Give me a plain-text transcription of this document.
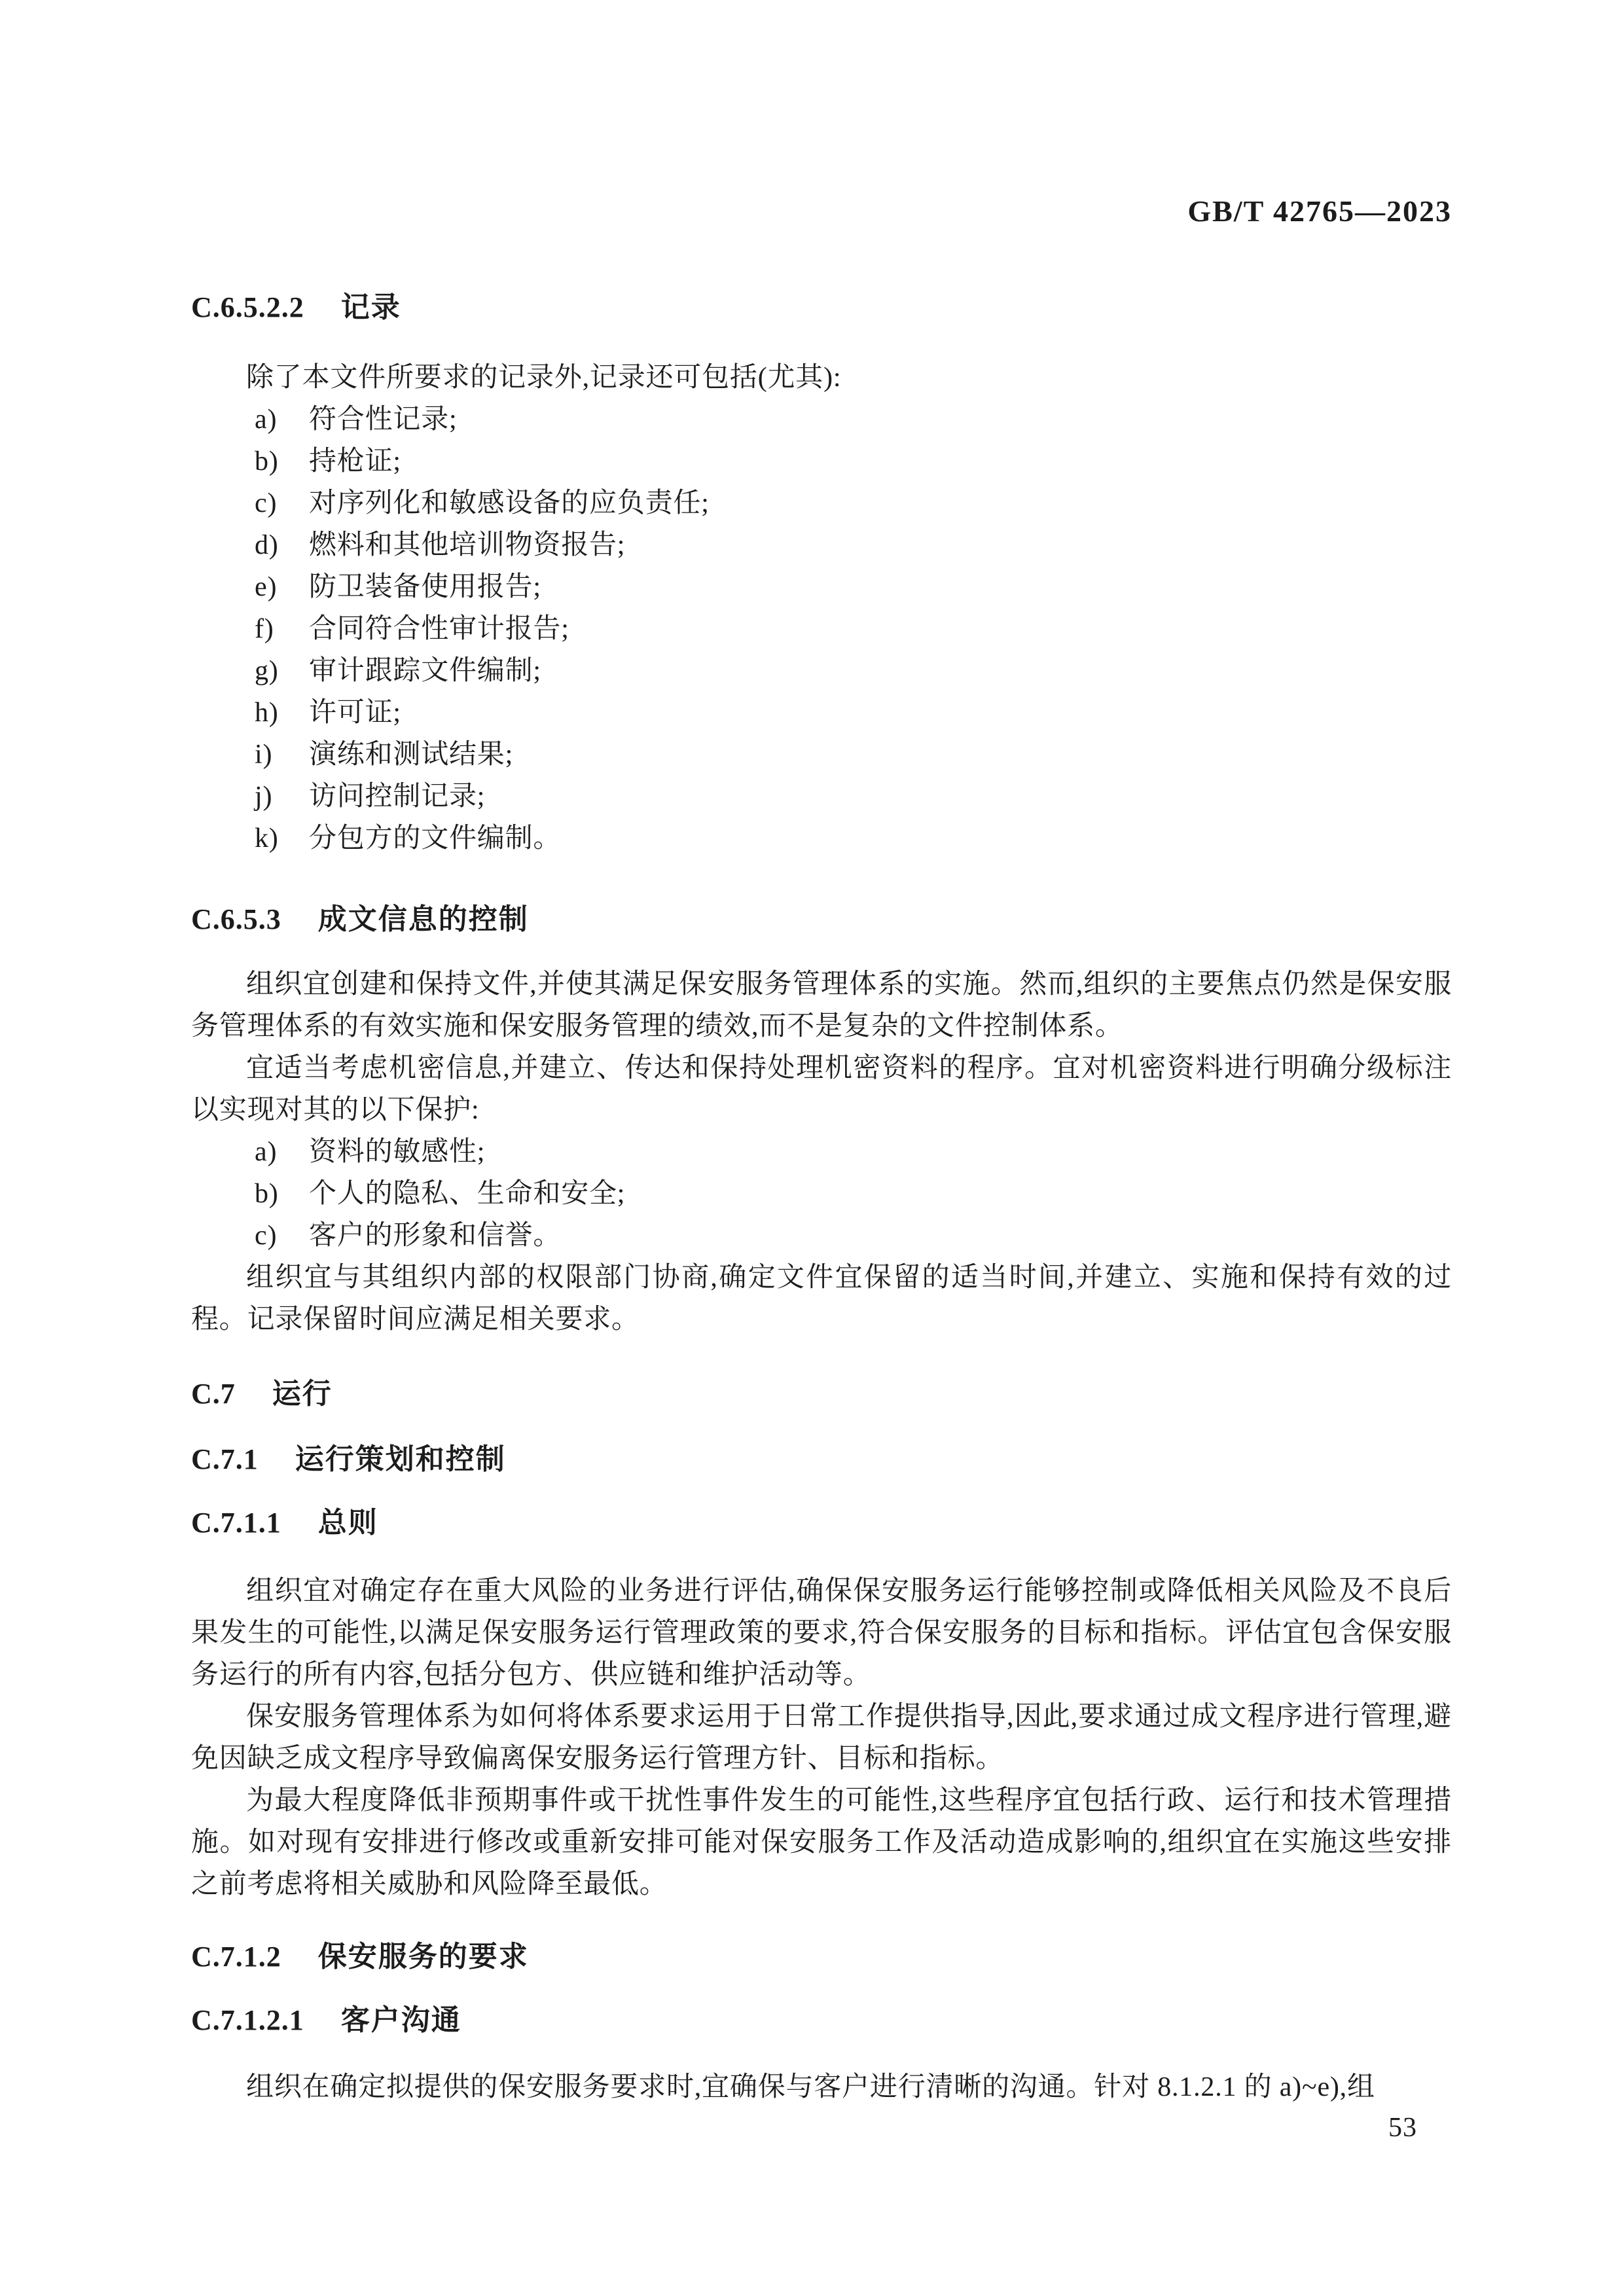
GB/T 42765—2023
C.6.5.2.2 记录

除了本文件所要求的记录外,记录还可包括(尤其):

a) 符合性记录;
b) 持枪证;
c) 对序列化和敏感设备的应负责任;
d) 燃料和其他培训物资报告;
e) 防卫装备使用报告;
f) 合同符合性审计报告;
g) 审计跟踪文件编制;
h) 许可证;
i) 演练和测试结果;
j) 访问控制记录;
k) 分包方的文件编制。
C.6.5.3 成文信息的控制

组织宜创建和保持文件,并使其满足保安服务管理体系的实施。然而,组织的主要焦点仍然是保安服务管理体系的有效实施和保安服务管理的绩效,而不是复杂的文件控制体系。

宜适当考虑机密信息,并建立、传达和保持处理机密资料的程序。宜对机密资料进行明确分级标注以实现对其的以下保护:

a) 资料的敏感性;
b) 个人的隐私、生命和安全;
c) 客户的形象和信誉。

组织宜与其组织内部的权限部门协商,确定文件宜保留的适当时间,并建立、实施和保持有效的过程。记录保留时间应满足相关要求。

C.7 运行
C.7.1 运行策划和控制
C.7.1.1 总则

组织宜对确定存在重大风险的业务进行评估,确保保安服务运行能够控制或降低相关风险及不良后果发生的可能性,以满足保安服务运行管理政策的要求,符合保安服务的目标和指标。评估宜包含保安服务运行的所有内容,包括分包方、供应链和维护活动等。

保安服务管理体系为如何将体系要求运用于日常工作提供指导,因此,要求通过成文程序进行管理,避免因缺乏成文程序导致偏离保安服务运行管理方针、目标和指标。

为最大程度降低非预期事件或干扰性事件发生的可能性,这些程序宜包括行政、运行和技术管理措施。如对现有安排进行修改或重新安排可能对保安服务工作及活动造成影响的,组织宜在实施这些安排之前考虑将相关威胁和风险降至最低。

C.7.1.2 保安服务的要求
C.7.1.2.1 客户沟通

组织在确定拟提供的保安服务要求时,宜确保与客户进行清晰的沟通。针对 8.1.2.1 的 a)~e),组

53
